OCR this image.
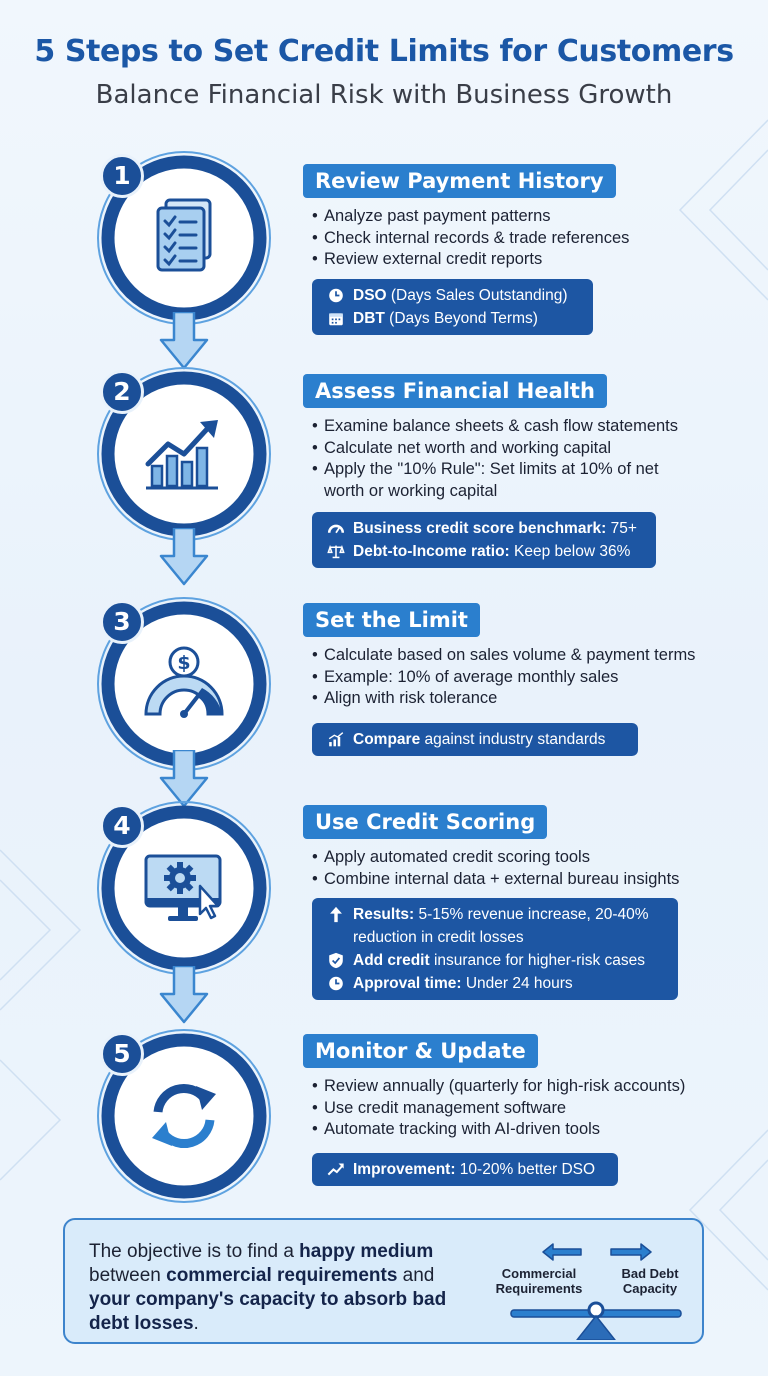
5 Steps to Set Credit Limits for Customers
Balance Financial Risk with Business Growth
1	Review Payment History
• Analyze past payment patterns
• Check internal records & trade references
• Review external credit reports
DSO (Days Sales Outstanding)
DBT (Days Beyond Terms)
2	Assess Financial Health
• Examine balance sheets & cash flow statements
• Calculate net worth and working capital
• Apply the "10% Rule": Set limits at 10% of net worth or working capital
Business credit score benchmark: 75+
Debt-to-Income ratio: Keep below 36%
3
$
Set the Limit
• Calculate based on sales volume & payment terms
• Example: 10% of average monthly sales
• Align with risk tolerance
Compare against industry standards
4	Use Credit Scoring
• Apply automated credit scoring tools
• Combine internal data + external bureau insights
Results: 5-15% revenue increase, 20-40% reduction in credit losses
Add credit insurance for higher-risk cases
Approval time: Under 24 hours
5	Monitor & Update
• Review annually (quarterly for high-risk accounts)
• Use credit management software
• Automate tracking with AI-driven tools
Improvement: 10-20% better DSO
The objective is to find a happy medium between commercial requirements and your company's capacity to absorb bad debt losses.
Commercial Requirements
Bad Debt Capacity
